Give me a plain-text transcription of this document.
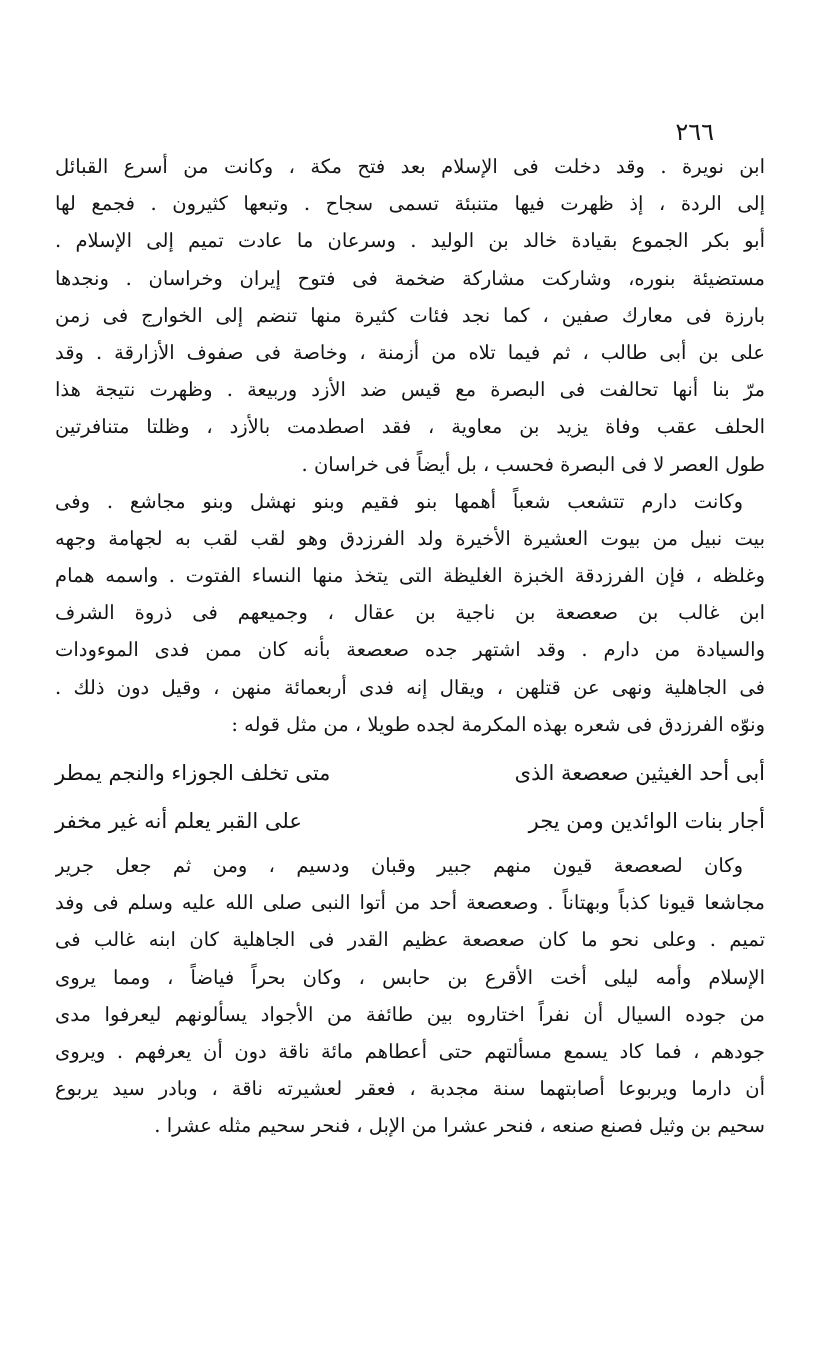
٢٦٦
ابن نويرة . وقد دخلت فى الإسلام بعد فتح مكة ، وكانت من أسرع القبائل
إلى الردة ، إذ ظهرت فيها متنبئة تسمى سجاح . وتبعها كثيرون . فجمع لها
أبو بكر الجموع بقيادة خالد بن الوليد . وسرعان ما عادت تميم إلى الإسلام .
مستضيئة بنوره، وشاركت مشاركة ضخمة فى فتوح إيران وخراسان . ونجدها
بارزة فى معارك صفين ، كما نجد فئات كثيرة منها تنضم إلى الخوارج فى زمن
على بن أبى طالب ، ثم فيما تلاه من أزمنة ، وخاصة فى صفوف الأزارقة . وقد
مرّ بنا أنها تحالفت فى البصرة مع قيس ضد الأزد وربيعة . وظهرت نتيجة هذا
الحلف عقب وفاة يزيد بن معاوية ، فقد اصطدمت بالأزد ، وظلتا متنافرتين
طول العصر لا فى البصرة فحسب ، بل أيضاً فى خراسان .
وكانت دارم تتشعب شعباً أهمها بنو فقيم وبنو نهشل وبنو مجاشع . وفى
بيت نبيل من بيوت العشيرة الأخيرة ولد الفرزدق وهو لقب لقب به لجهامة وجهه
وغلظه ، فإن الفرزدقة الخبزة الغليظة التى يتخذ منها النساء الفتوت . واسمه همام
ابن غالب بن صعصعة بن ناجية بن عقال ، وجميعهم فى ذروة الشرف
والسيادة من دارم . وقد اشتهر جده صعصعة بأنه كان ممن فدى الموءودات
فى الجاهلية ونهى عن قتلهن ، ويقال إنه فدى أربعمائة منهن ، وقيل دون ذلك .
ونوّه الفرزدق فى شعره بهذه المكرمة لجده طويلا ، من مثل قوله :
أبى أحد الغيثين صعصعة الذى
متى تخلف الجوزاء والنجم يمطر
أجار بنات الوائدين ومن يجر
على القبر يعلم أنه غير مخفر
وكان لصعصعة قيون منهم جبير وقبان ودسيم ، ومن ثم جعل جرير
مجاشعا قيونا كذباً وبهتاناً . وصعصعة أحد من أتوا النبى صلى الله عليه وسلم فى وفد
تميم . وعلى نحو ما كان صعصعة عظيم القدر فى الجاهلية كان ابنه غالب فى
الإسلام وأمه ليلى أخت الأقرع بن حابس ، وكان بحراً فياضاً ، ومما يروى
من جوده السيال أن نفراً اختاروه بين طائفة من الأجواد يسألونهم ليعرفوا مدى
جودهم ، فما كاد يسمع مسألتهم حتى أعطاهم مائة ناقة دون أن يعرفهم . ويروى
أن دارما ويربوعا أصابتهما سنة مجدبة ، فعقر لعشيرته ناقة ، وبادر سيد يربوع
سحيم بن وثيل فصنع صنعه ، فنحر عشرا من الإبل ، فنحر سحيم مثله عشرا .
